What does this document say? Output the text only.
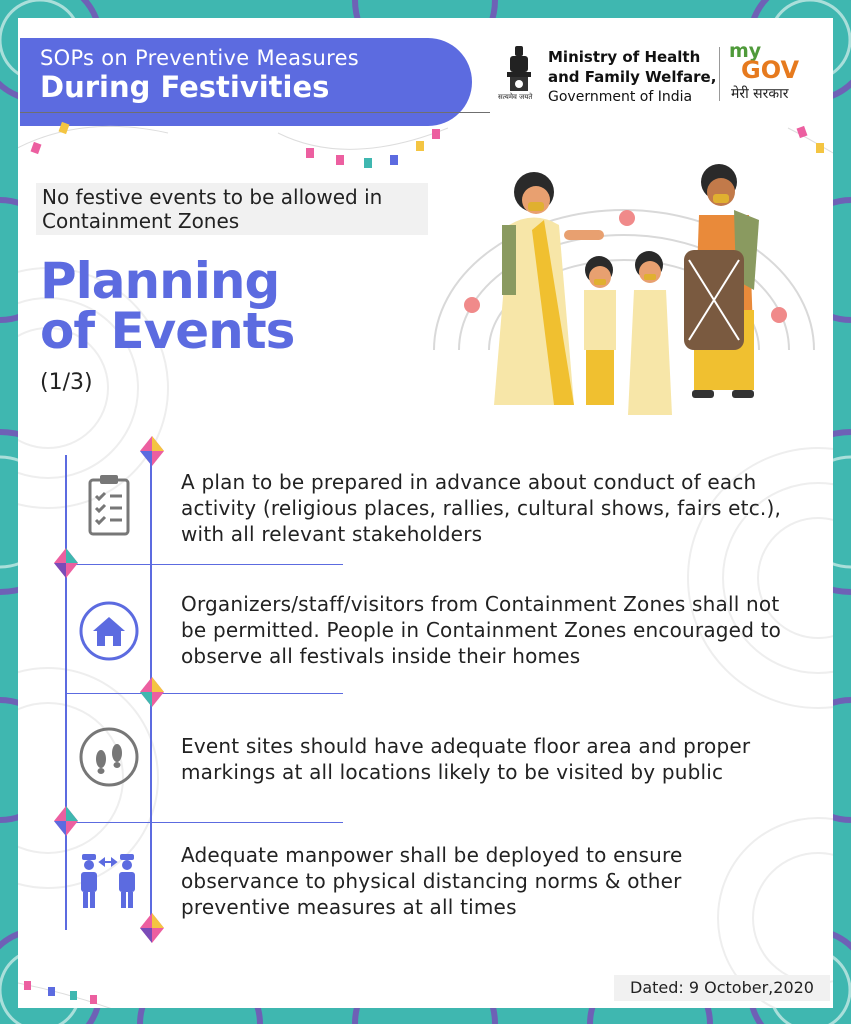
SOPs on Preventive Measures
During Festivities	सत्यमेव जयते
Ministry of Health
and Family Welfare,
Government of India
my
GOV
मेरी सरकार
No festive events to be allowed in Containment Zones
Planning
of Events
(1/3)
A plan to be prepared in advance about conduct of each activity (religious places, rallies, cultural shows, fairs etc.), with all relevant stakeholders
Organizers/staff/visitors from Containment Zones shall not be permitted. People in Containment Zones encouraged to observe all festivals inside their homes
Event sites should have adequate floor area and proper markings at all locations likely to be visited by public
Adequate manpower shall be deployed to ensure observance to physical distancing norms & other preventive measures at all times
Dated: 9 October,2020
